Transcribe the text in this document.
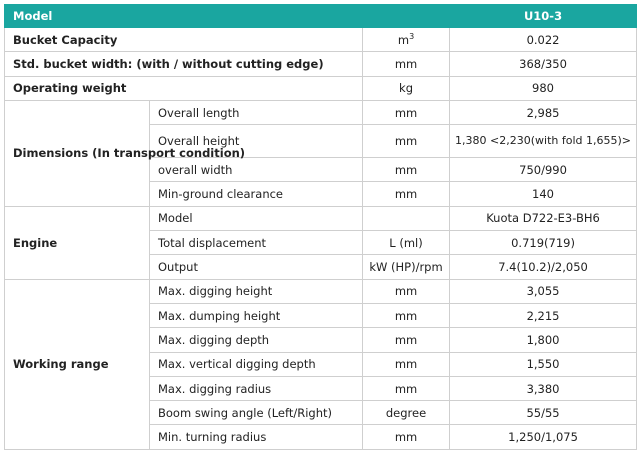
Model			U10-3
Bucket Capacity		$m^3$	0.022
Std. bucket width: (with / without cutting edge)		mm	368/350
Operating weight		kg	980
Dimensions (In transport condition)	Overall length	mm	2,985
	Overall height	mm	1,380 <2,230(with fold 1,655)>
	overall width	mm	750/990
	Min-ground clearance	mm	140
Engine	Model		Kuota D722-E3-BH6
	Total displacement	L (ml)	0.719(719)
	Output	kW (HP)/rpm	7.4(10.2)/2,050
Working range	Max. digging height	mm	3,055
	Max. dumping height	mm	2,215
	Max. digging depth	mm	1,800
	Max. vertical digging depth	mm	1,550
	Max. digging radius	mm	3,380
	Boom swing angle (Left/Right)	degree	55/55
	Min. turning radius	mm	1,250/1,075
